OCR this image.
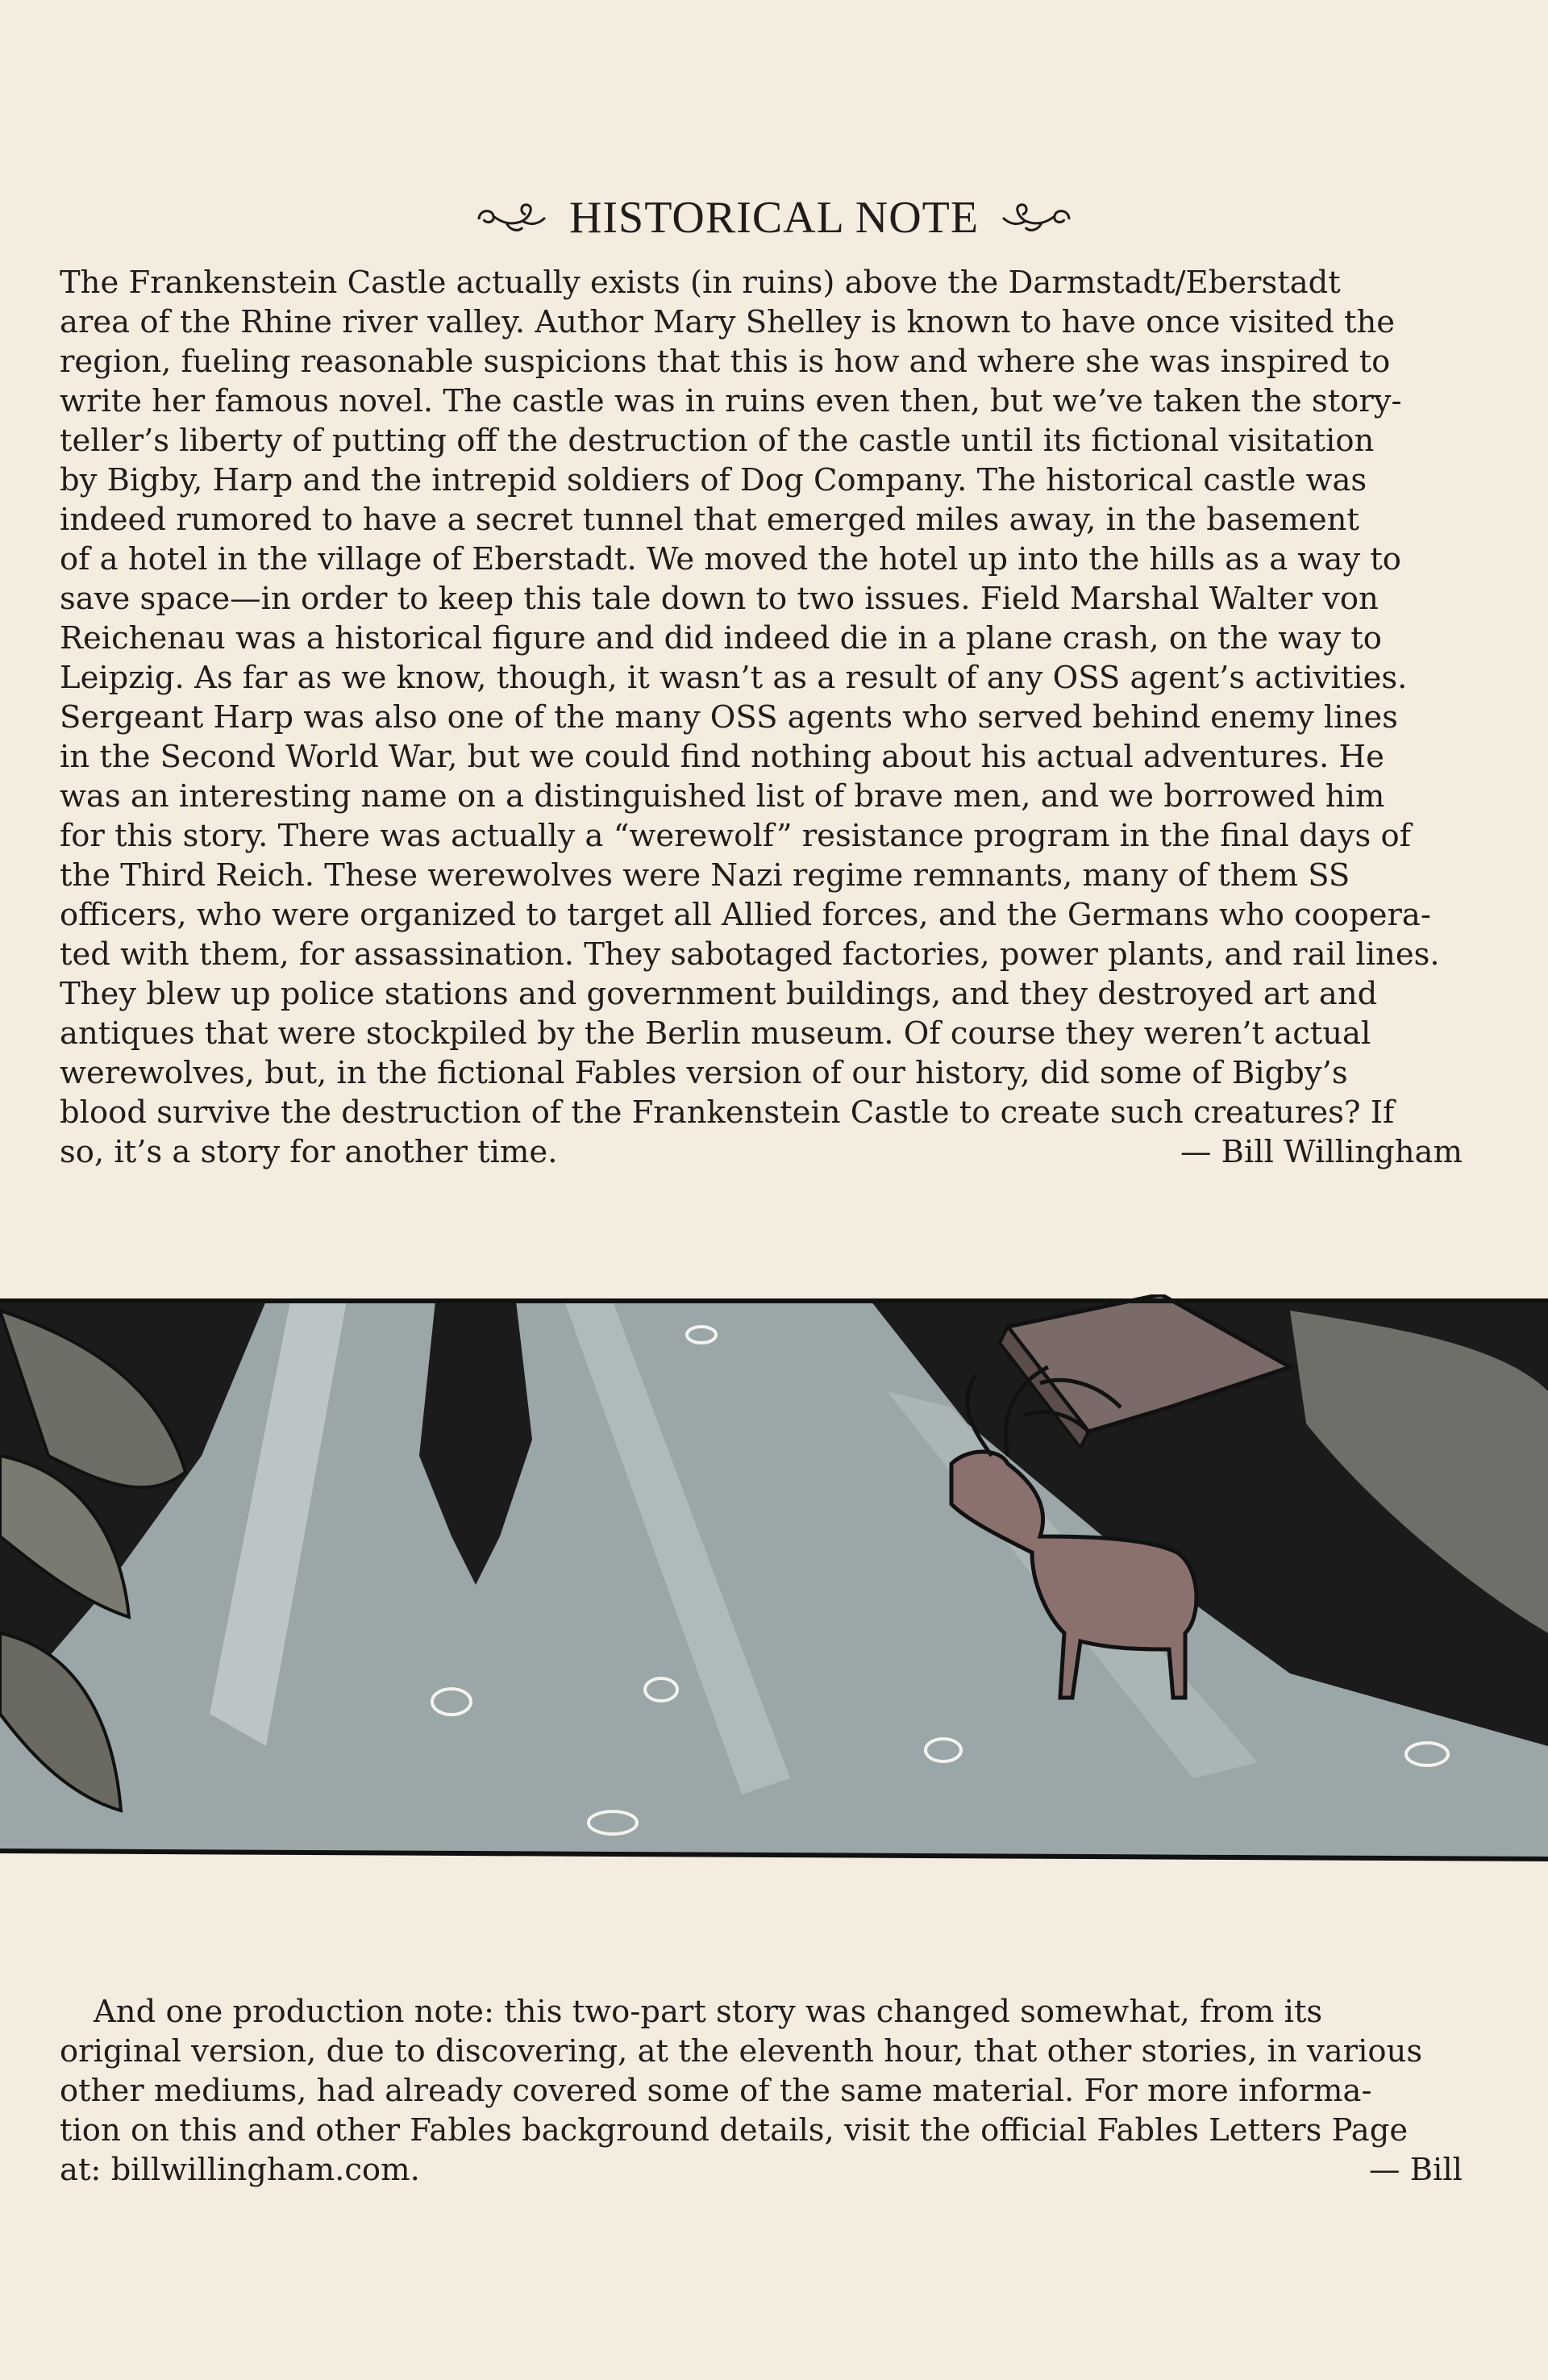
HISTORICAL NOTE
The Frankenstein Castle actually exists (in ruins) above the Darmstadt/Eberstadt
area of the Rhine river valley. Author Mary Shelley is known to have once visited the
region, fueling reasonable suspicions that this is how and where she was inspired to
write her famous novel. The castle was in ruins even then, but we’ve taken the story-
teller’s liberty of putting off the destruction of the castle until its fictional visitation
by Bigby, Harp and the intrepid soldiers of Dog Company. The historical castle was
indeed rumored to have a secret tunnel that emerged miles away, in the basement
of a hotel in the village of Eberstadt. We moved the hotel up into the hills as a way to
save space—in order to keep this tale down to two issues. Field Marshal Walter von
Reichenau was a historical figure and did indeed die in a plane crash, on the way to
Leipzig. As far as we know, though, it wasn’t as a result of any OSS agent’s activities.
Sergeant Harp was also one of the many OSS agents who served behind enemy lines
in the Second World War, but we could find nothing about his actual adventures. He
was an interesting name on a distinguished list of brave men, and we borrowed him
for this story. There was actually a “werewolf” resistance program in the final days of
the Third Reich. These werewolves were Nazi regime remnants, many of them SS
officers, who were organized to target all Allied forces, and the Germans who coopera-
ted with them, for assassination. They sabotaged factories, power plants, and rail lines.
They blew up police stations and government buildings, and they destroyed art and
antiques that were stockpiled by the Berlin museum. Of course they weren’t actual
werewolves, but, in the fictional Fables version of our history, did some of Bigby’s
blood survive the destruction of the Frankenstein Castle to create such creatures? If
so, it’s a story for another time.	— Bill Willingham
And one production note: this two-part story was changed somewhat, from its
original version, due to discovering, at the eleventh hour, that other stories, in various
other mediums, had already covered some of the same material. For more informa-
tion on this and other Fables background details, visit the official Fables Letters Page
at: billwillingham.com.	— Bill
